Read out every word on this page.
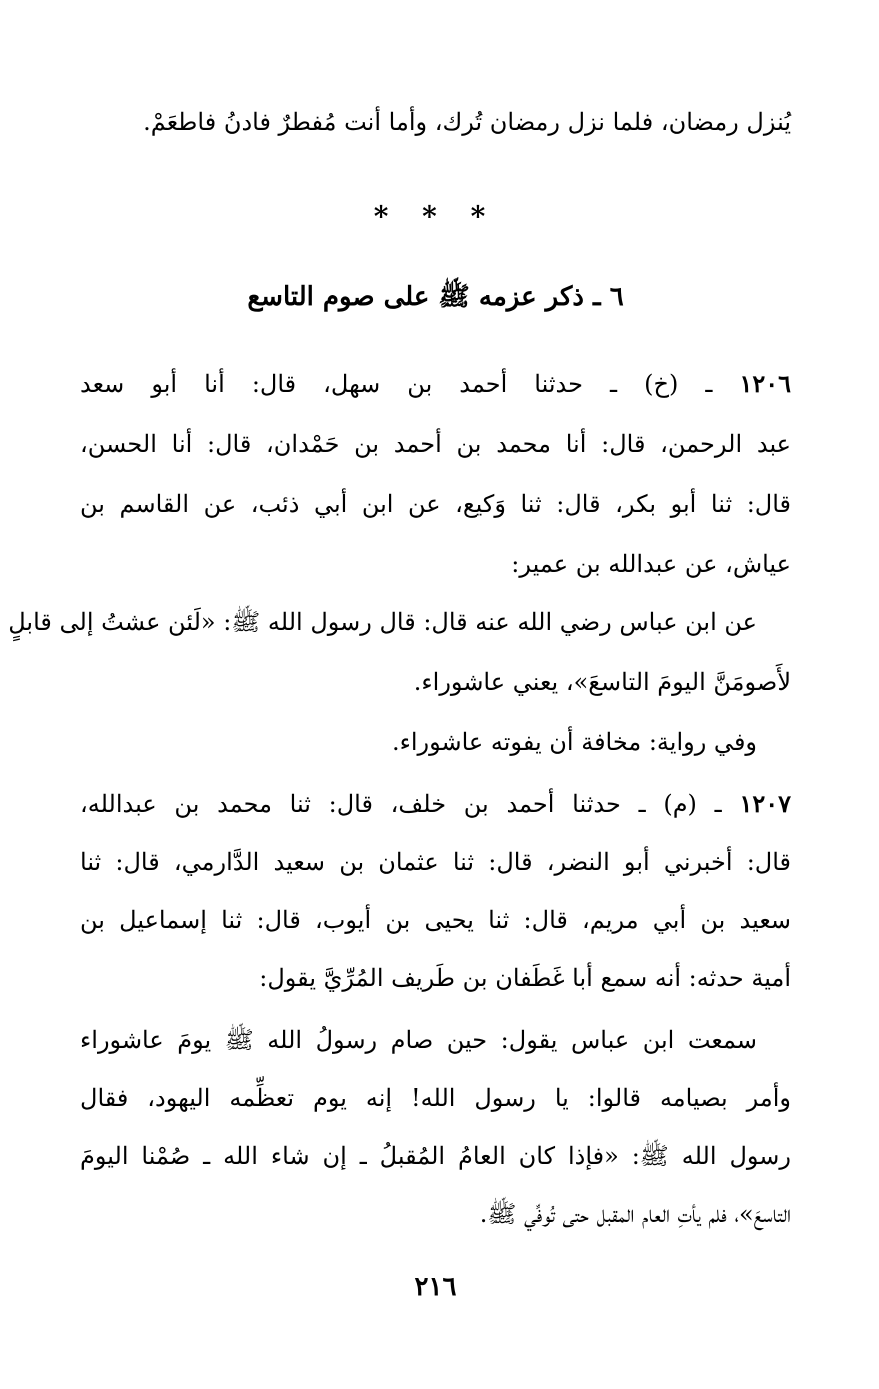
يُنزل رمضان، فلما نزل رمضان تُرك، وأما أنت مُفطرٌ فادنُ فاطعَمْ.
* * *
٦ ـ ذكر عزمه ﷺ على صوم التاسع
١٢٠٦ ـ (خ) ـ حدثنا أحمد بن سهل، قال: أنا أبو سعد
عبد الرحمن، قال: أنا محمد بن أحمد بن حَمْدان، قال: أنا الحسن،
قال: ثنا أبو بكر، قال: ثنا وَكيع، عن ابن أبي ذئب، عن القاسم بن
عياش، عن عبدالله بن عمير:
عن ابن عباس رضي الله عنه قال: قال رسول الله ﷺ: «لَئن عشتُ إلى قابلٍ
لأَصومَنَّ اليومَ التاسعَ»، يعني عاشوراء.
وفي رواية: مخافة أن يفوته عاشوراء.
١٢٠٧ ـ (م) ـ حدثنا أحمد بن خلف، قال: ثنا محمد بن عبدالله،
قال: أخبرني أبو النضر، قال: ثنا عثمان بن سعيد الدَّارمي، قال: ثنا
سعيد بن أبي مريم، قال: ثنا يحيى بن أيوب، قال: ثنا إسماعيل بن
أمية حدثه: أنه سمع أبا غَطَفان بن طَريف المُرِّيَّ يقول:
سمعت ابن عباس يقول: حين صام رسولُ الله ﷺ يومَ عاشوراء
وأمر بصيامه قالوا: يا رسول الله! إنه يوم تعظِّمه اليهود، فقال
رسول الله ﷺ: «فإذا كان العامُ المُقبلُ ـ إن شاء الله ـ صُمْنا اليومَ
التاسعَ»، فلم يأتِ العام المقبل حتى تُوفِّي ﷺ.
٢١٦
